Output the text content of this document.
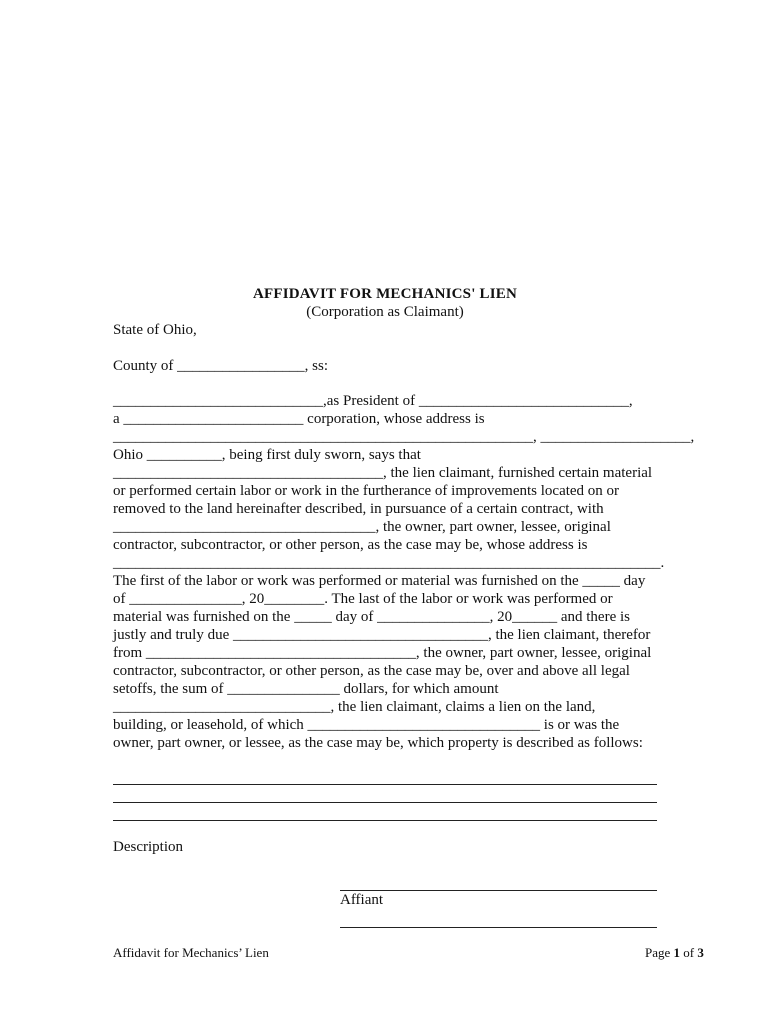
AFFIDAVIT FOR MECHANICS' LIEN
(Corporation as Claimant)
State of Ohio,
County of _________________, ss:
____________________________,as President of ____________________________,
a ________________________ corporation, whose address is
________________________________________________________, ____________________,
Ohio __________, being first duly sworn, says that
____________________________________, the lien claimant, furnished certain material
or performed certain labor or work in the furtherance of improvements located on or
removed to the land hereinafter described, in pursuance of a certain contract, with
___________________________________, the owner, part owner, lessee, original
contractor, subcontractor, or other person, as the case may be, whose address is
_________________________________________________________________________.
The first of the labor or work was performed or material was furnished on the _____ day
of _______________, 20________. The last of the labor or work was performed or
material was furnished on the _____ day of _______________, 20______ and there is
justly and truly due __________________________________, the lien claimant, therefor
from ____________________________________, the owner, part owner, lessee, original
contractor, subcontractor, or other person, as the case may be, over and above all legal
setoffs, the sum of _______________ dollars, for which amount
_____________________________, the lien claimant, claims a lien on the land,
building, or leasehold, of which _______________________________ is or was the
owner, part owner, or lessee, as the case may be, which property is described as follows:
Description
Affiant
Affidavit for Mechanics’ Lien	Page 1 of 3
